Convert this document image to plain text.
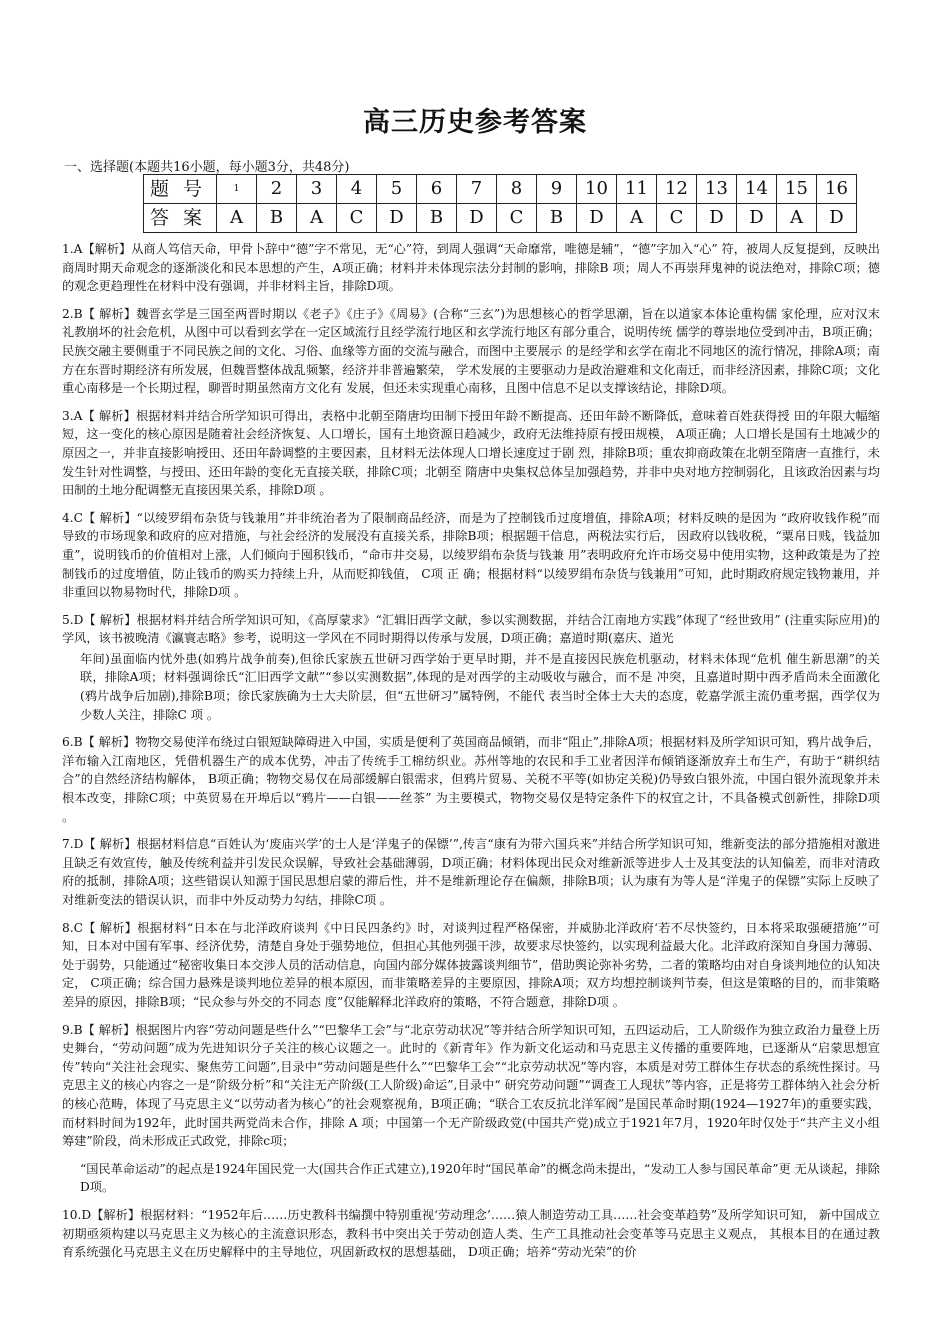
高三历史参考答案
一、选择题(本题共16小题，每小题3分，共48分)
题号	1	2	3	4	5	6	7	8	9	10	11	12	13	14	15	16
答案	A	B	A	C	D	B	D	C	B	D	A	C	D	D	A	D
1.A【解析】从商人笃信天命，甲骨卜辞中“德”字不常见，无“心”符，到周人强调“天命靡常，唯德是辅”，“德”字加入“心” 符，被周人反复提到，反映出商周时期天命观念的逐渐淡化和民本思想的产生，A项正确；材料并未体现宗法分封制的影响，排除B 项；周人不再崇拜鬼神的说法绝对，排除C项；德的观念更趋理性在材料中没有强调，并非材料主旨，排除D项。
2.B【 解析】魏晋玄学是三国至两晋时期以《老子》《庄子》《周易》(合称“三玄”)为思想核心的哲学思潮，旨在以道家本体论重构儒 家伦理，应对汉末礼教崩坏的社会危机，从图中可以看到玄学在一定区域流行且经学流行地区和玄学流行地区有部分重合，说明传统 儒学的尊崇地位受到冲击，B项正确；民族交融主要侧重于不同民族之间的文化、习俗、血缘等方面的交流与融合，而图中主要展示 的是经学和玄学在南北不同地区的流行情况，排除A项；南方在东晋时期经济有所发展，但魏晋整体战乱频繁，经济并非普遍繁荣， 学术发展的主要驱动力是政治避难和文化南迁，而非经济因素，排除C项；文化重心南移是一个长期过程，聊晋时期虽然南方文化有 发展，但还未实现重心南移，且图中信息不足以支撑该结论，排除D项。
3.A【 解析】根据材料并结合所学知识可得出，表格中北朝至隋唐均田制下授田年龄不断提高、还田年龄不断降低，意味着百姓获得授 田的年限大幅缩短，这一变化的核心原因是随着社会经济恢复、人口增长，国有土地资源日趋减少，政府无法维持原有授田规模， A项正确；人口增长是国有土地减少的原因之一，并非直接影响授田、还田年龄调整的主要因素，且材料无法体现人口增长速度过于剧 烈，排除B项；重农抑商政策在北朝至隋唐一直推行，未发生针对性调整，与授田、还田年龄的变化无直接关联，排除C项；北朝至 隋唐中央集权总体呈加强趋势，并非中央对地方控制弱化，且该政治因素与均田制的土地分配调整无直接因果关系，排除D项 。
4.C【 解析】“以绫罗绢布杂货与钱兼用”并非统治者为了限制商品经济，而是为了控制钱币过度增值，排除A项；材料反映的是因为 “政府收钱作税”而导致的市场现象和政府的应对措施，与社会经济的发展没有直接关系，排除B项；根据题干信息，两税法实行后， 因政府以钱收税，“粟帛日贱，钱益加重”，说明钱币的价值相对上涨，人们倾向于囤积钱币，“命市井交易，以绫罗绢布杂货与钱兼 用”表明政府允许市场交易中使用实物，这种政策是为了控制钱币的过度增值，防止钱币的购买力持续上升，从而贬抑钱值， C项 正 确；根据材料“以绫罗绢布杂货与钱兼用”可知，此时期政府规定钱物兼用，并非重回以物易物时代，排除D项 。
5.D【 解析】根据材料并结合所学知识可知，《高厚蒙求》“汇辑旧西学文献，参以实测数据，并结合江南地方实践”体现了“经世致用” (注重实际应用)的学风，该书被晚清《瀛寰志略》参考，说明这一学风在不同时期得以传承与发展，D项正确；嘉道时期(嘉庆、道光
年间)虽面临内忧外患(如鸦片战争前奏),但徐氏家族五世研习西学始于更早时期，并不是直接因民族危机驱动，材料未体现“危机 催生新思潮”的关联，排除A项；材料强调徐氏“汇旧西学文献”“参以实测数据”,体现的是对西学的主动吸收与融合，而不是 冲突，且嘉道时期中西矛盾尚未全面激化(鸦片战争后加剧),排除B项；徐氏家族确为士大夫阶层，但“五世研习”属特例，不能代 表当时全体士大夫的态度，乾嘉学派主流仍重考据，西学仅为少数人关注，排除C 项 。
6.B【 解析】物物交易使洋布绕过白银短缺障碍进入中国，实质是便利了英国商品倾销，而非“阻止”,排除A项；根据材料及所学知识可知，鸦片战争后，洋布输入江南地区，凭借机器生产的成本优势，冲击了传统手工棉纺织业。苏州等地的农民和手工业者因洋布倾销逐渐放弃土布生产，有助于“耕织结合”的自然经济结构解体， B项正确；物物交易仅在局部缓解白银需求，但鸦片贸易、关税不平等(如协定关税)仍导致白银外流，中国白银外流现象并未根本改变，排除C项；中英贸易在开埠后以“鸦片——白银——丝茶” 为主要模式，物物交易仅是特定条件下的权宜之计，不具备模式创新性，排除D项 。
7.D【 解析】根据材料信息“百姓认为‘废庙兴学’的士人是‘洋鬼子的保镖’”,传言“康有为带六国兵来”并结合所学知识可知，维新变法的部分措施相对激进且缺乏有效宣传，触及传统利益并引发民众误解，导致社会基础薄弱，D项正确；材料体现出民众对维新派等进步人士及其变法的认知偏差，而非对清政府的抵制，排除A项；这些错误认知源于国民思想启蒙的滞后性，并不是维新理论存在偏颇，排除B项；认为康有为等人是“洋鬼子的保镖”实际上反映了对维新变法的错误认识，而非中外反动势力勾结，排除C项 。
8.C【 解析】根据材料“日本在与北洋政府谈判《中日民四条约》时，对谈判过程严格保密，并威胁北洋政府‘若不尽快签约，日本将采取强硬措施’”可知，日本对中国有军事、经济优势，清楚自身处于强势地位，但担心其他列强干涉，故要求尽快签约，以实现利益最大化。北洋政府深知自身国力薄弱、处于弱势，只能通过“秘密收集日本交涉人员的活动信息，向国内部分媒体披露谈判细节”，借助舆论弥补劣势，二者的策略均由对自身谈判地位的认知决定， C项正确；综合国力悬殊是谈判地位差异的根本原因，而非策略差异的主要原因，排除A项；双方均想控制谈判节奏，但这是策略的目的，而非策略差异的原因，排除B项；“民众参与外交的不同态 度”仅能解释北洋政府的策略，不符合题意，排除D项 。
9.B【 解析】根据图片内容“劳动问题是些什么”“巴黎华工会”与“北京劳动状况”等并结合所学知识可知，五四运动后，工人阶级作为独立政治力量登上历史舞台，“劳动问题”成为先进知识分子关注的核心议题之一。此时的《新青年》作为新文化运动和马克思主义传播的重要阵地，已逐渐从“启蒙思想宣传”转向“关注社会现实、聚焦劳工问题”,目录中“劳动问题是些什么”“巴黎华工会”“北京劳动状况”等内容，本质是对劳工群体生存状态的系统性探讨。马克思主义的核心内容之一是“阶级分析”和“关注无产阶级(工人阶级)命运”,目录中“ 研究劳动问题”“调查工人现状”等内容，正是将劳工群体纳入社会分析的核心范畴，体现了马克思主义“以劳动者为核心”的社会观察视角，B项正确；“联合工农反抗北洋军阀”是国民革命时期(1924—1927年)的重要实践，而材料时间为192年，此时国共两党尚未合作，排除 A 项；中国第一个无产阶级政党(中国共产党)成立于1921年7月，1920年时仅处于“共产主义小组筹建”阶段，尚未形成正式政党，排除c项；
“国民革命运动”的起点是1924年国民党一大(国共合作正式建立),1920年时“国民革命”的概念尚未提出，“发动工人参与国民革命”更 无从谈起，排除D项。
10.D【解析】根据材料：“1952年后……历史教科书编撰中特别重视‘劳动理念’……猿人制造劳动工具……社会变革趋势”及所学知识可知， 新中国成立初期亟须构建以马克思主义为核心的主流意识形态，教科书中突出关于劳动创造人类、生产工具推动社会变革等马克思主义观点， 其根本目的在通过教育系统强化马克思主义在历史解释中的主导地位，巩固新政权的思想基础， D项正确；培养“劳动光荣”的价
